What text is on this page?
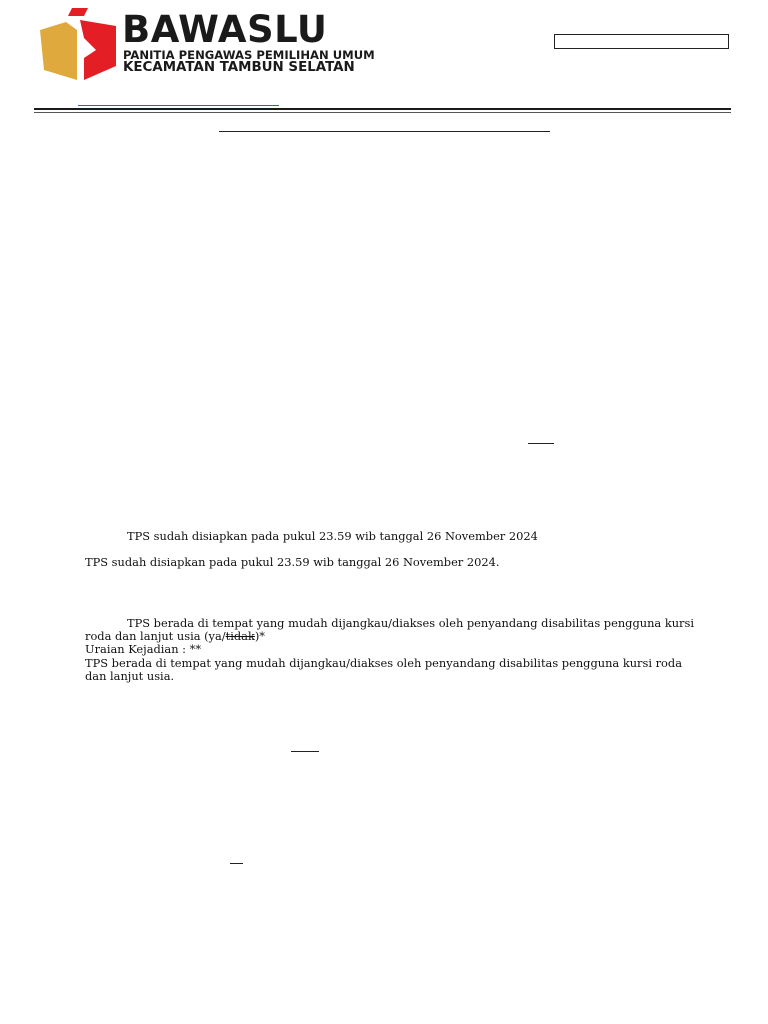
BAWASLU
PANITIA PENGAWAS PEMILIHAN UMUM
KECAMATAN TAMBUN SELATAN
TPS sudah disiapkan pada pukul 23.59 wib tanggal 26 November 2024
TPS sudah disiapkan pada pukul 23.59 wib tanggal 26 November 2024.
TPS berada di tempat yang mudah dijangkau/diakses oleh penyandang disabilitas pengguna kursi
roda dan lanjut usia (ya/tidak)*
Uraian Kejadian : **
TPS berada di tempat yang mudah dijangkau/diakses oleh penyandang disabilitas pengguna kursi roda
dan lanjut usia.
